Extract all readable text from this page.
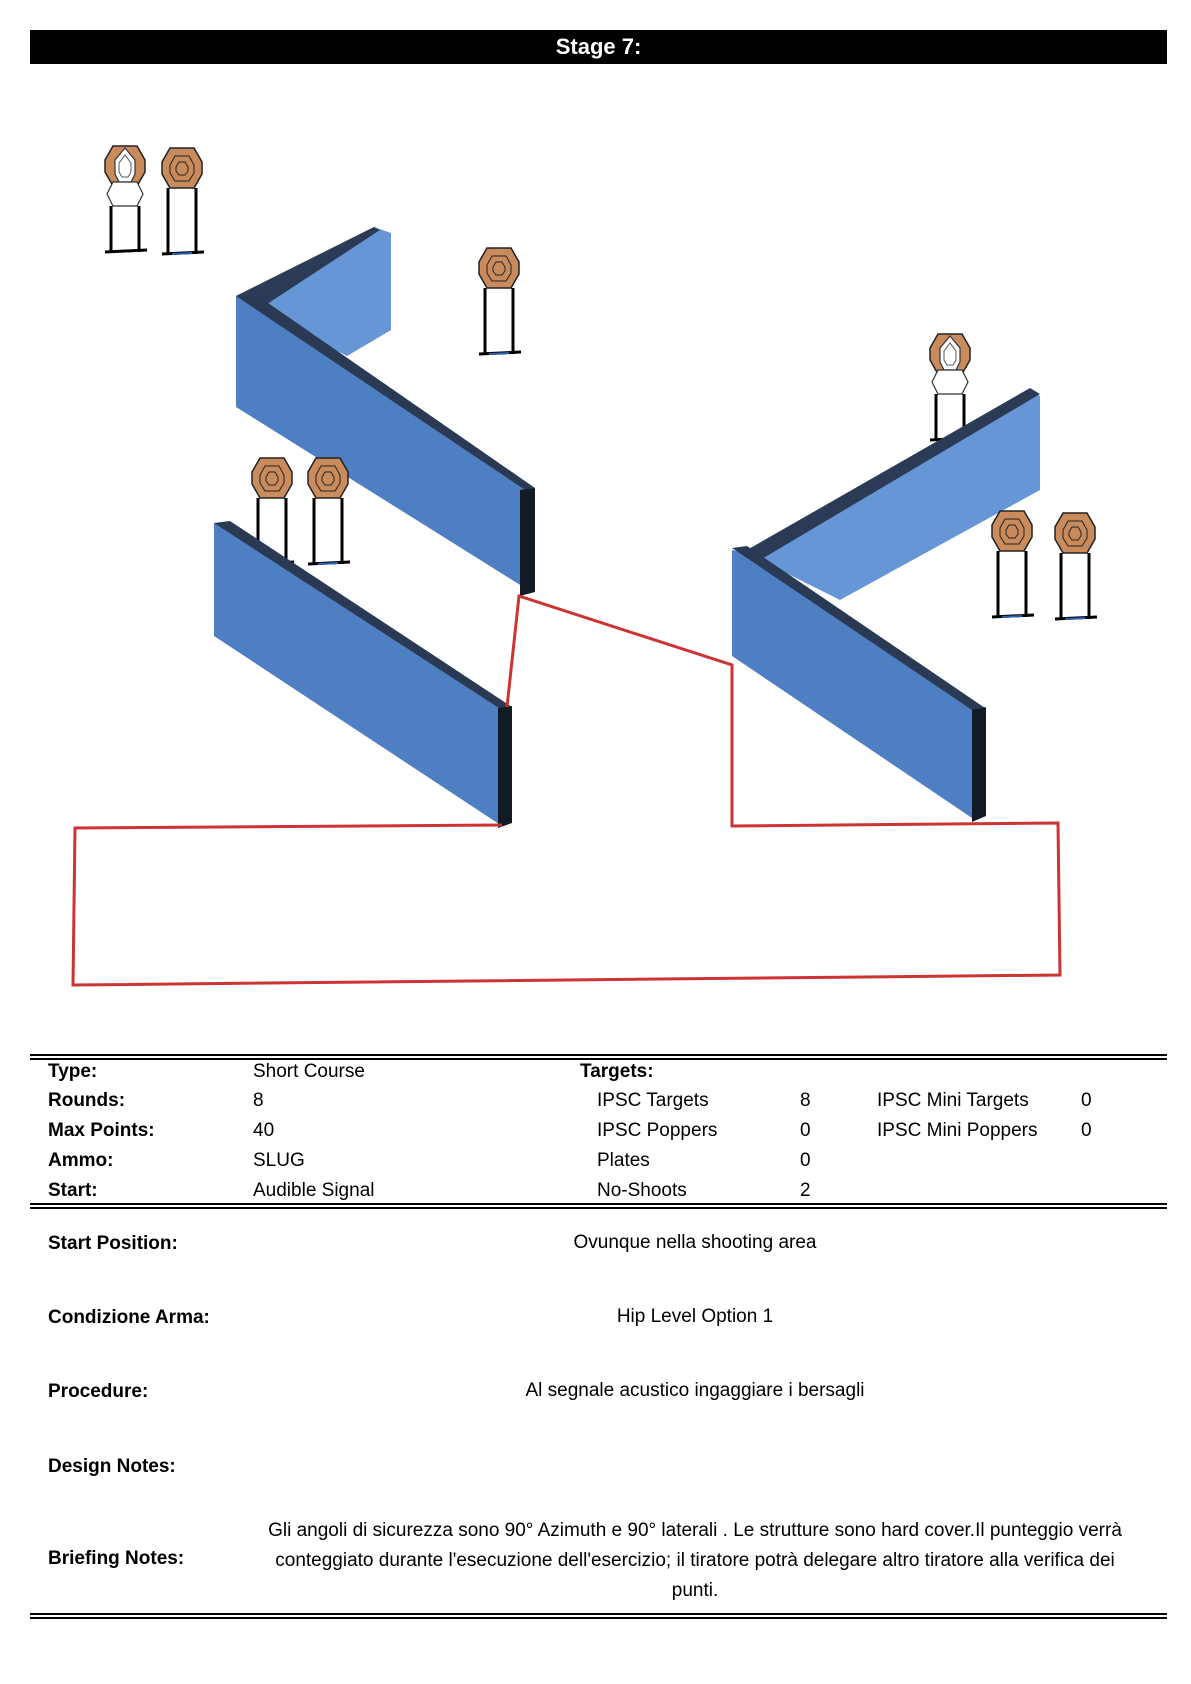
Stage 7:
Type:	Short Course	Targets:
Rounds:	8	IPSC Targets	8	IPSC Mini Targets	0
Max Points:	40	IPSC Poppers	0	IPSC Mini Poppers 0
Ammo:	SLUG	Plates	0
Start:	Audible Signal	No-Shoots	2
Start Position:	Ovunque nella shooting area
Condizione Arma:	Hip Level Option 1
Procedure:	Al segnale acustico ingaggiare i bersagli
Design Notes:
Briefing Notes:
Gli angoli di sicurezza sono 90° Azimuth e 90° laterali . Le strutture sono hard cover.Il punteggio verrà conteggiato durante l'esecuzione dell'esercizio; il tiratore potrà delegare altro tiratore alla verifica dei punti.
